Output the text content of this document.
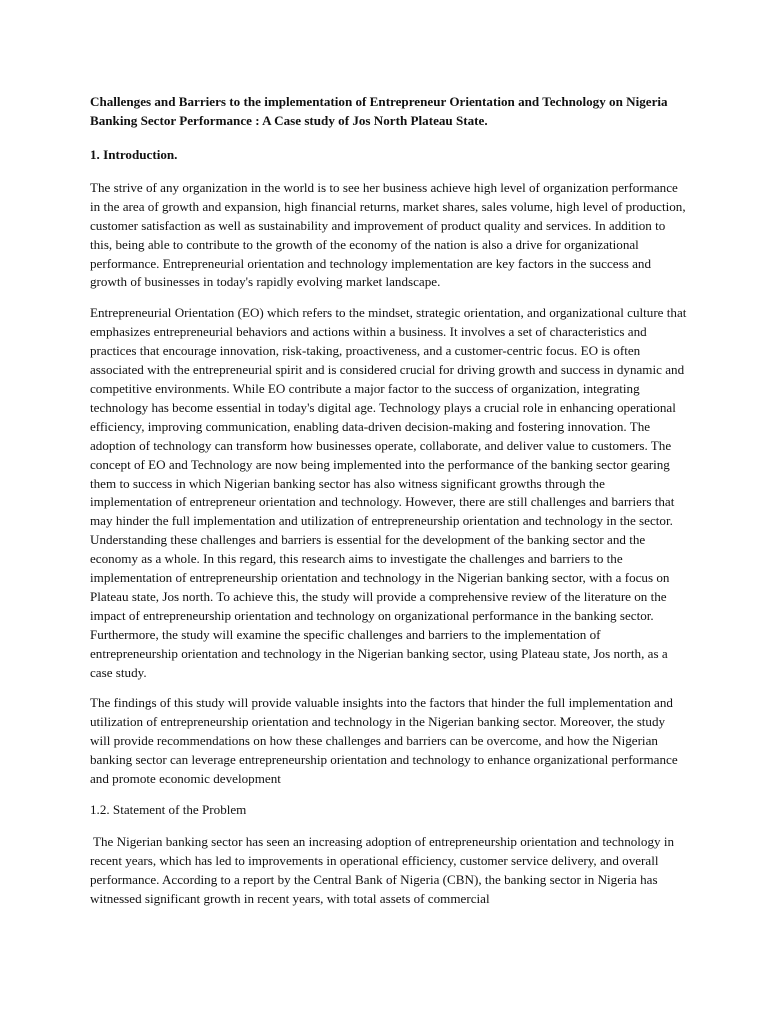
Challenges and Barriers to the implementation of Entrepreneur Orientation and Technology on Nigeria Banking Sector Performance : A Case study of Jos North Plateau State.
1. Introduction.

The strive of any organization in the world is to see her business achieve high level of organization performance in the area of growth and expansion, high financial returns, market shares, sales volume, high level of production, customer satisfaction as well as sustainability and improvement of product quality and services. In addition to this, being able to contribute to the growth of the economy of the nation is also a drive for organizational performance. Entrepreneurial orientation and technology implementation are key factors in the success and growth of businesses in today's rapidly evolving market landscape.

Entrepreneurial Orientation (EO) which refers to the mindset, strategic orientation, and organizational culture that emphasizes entrepreneurial behaviors and actions within a business. It involves a set of characteristics and practices that encourage innovation, risk-taking, proactiveness, and a customer-centric focus. EO is often associated with the entrepreneurial spirit and is considered crucial for driving growth and success in dynamic and competitive environments. While EO contribute a major factor to the success of organization, integrating technology has become essential in today's digital age. Technology plays a crucial role in enhancing operational efficiency, improving communication, enabling data-driven decision-making and fostering innovation. The adoption of technology can transform how businesses operate, collaborate, and deliver value to customers. The concept of EO and Technology are now being implemented into the performance of the banking sector gearing them to success in which Nigerian banking sector has also witness significant growths through the implementation of entrepreneur orientation and technology. However, there are still challenges and barriers that may hinder the full implementation and utilization of entrepreneurship orientation and technology in the sector. Understanding these challenges and barriers is essential for the development of the banking sector and the economy as a whole. In this regard, this research aims to investigate the challenges and barriers to the implementation of entrepreneurship orientation and technology in the Nigerian banking sector, with a focus on Plateau state, Jos north. To achieve this, the study will provide a comprehensive review of the literature on the impact of entrepreneurship orientation and technology on organizational performance in the banking sector. Furthermore, the study will examine the specific challenges and barriers to the implementation of entrepreneurship orientation and technology in the Nigerian banking sector, using Plateau state, Jos north, as a case study.

The findings of this study will provide valuable insights into the factors that hinder the full implementation and utilization of entrepreneurship orientation and technology in the Nigerian banking sector. Moreover, the study will provide recommendations on how these challenges and barriers can be overcome, and how the Nigerian banking sector can leverage entrepreneurship orientation and technology to enhance organizational performance and promote economic development

1.2. Statement of the Problem

The Nigerian banking sector has seen an increasing adoption of entrepreneurship orientation and technology in recent years, which has led to improvements in operational efficiency, customer service delivery, and overall performance. According to a report by the Central Bank of Nigeria (CBN), the banking sector in Nigeria has witnessed significant growth in recent years, with total assets of commercial
